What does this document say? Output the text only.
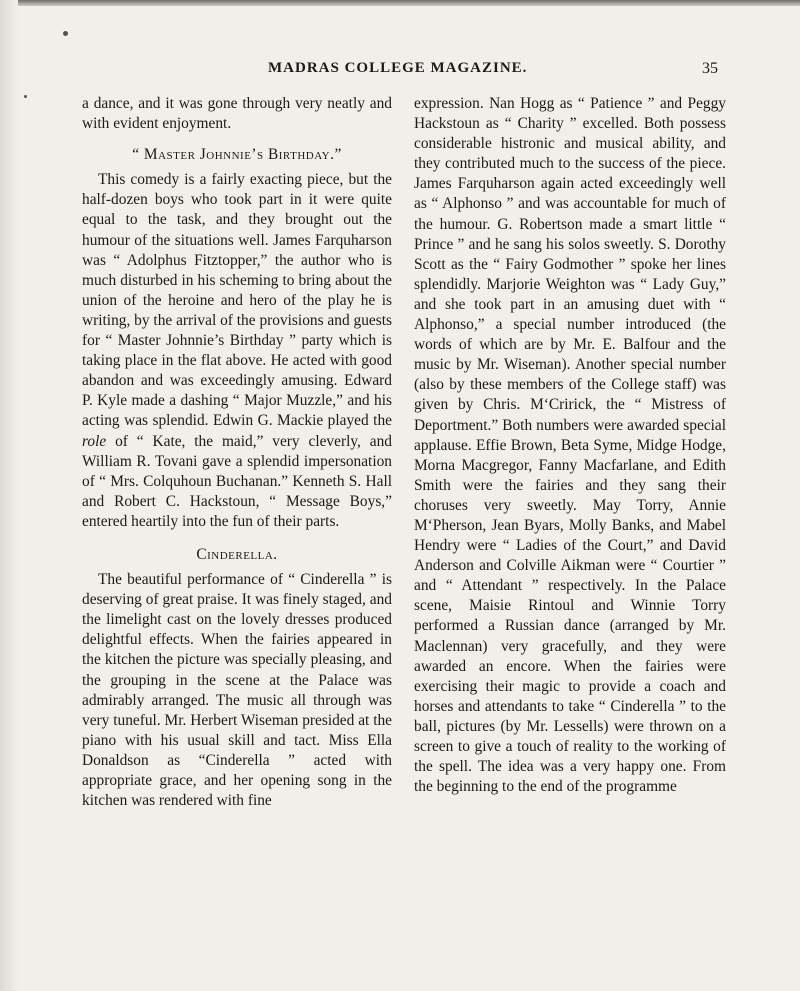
MADRAS COLLEGE MAGAZINE.	35

a dance, and it was gone through very neatly and with evident enjoyment.

“ Master Johnnie’s Birthday.”

This comedy is a fairly exacting piece, but the half-dozen boys who took part in it were quite equal to the task, and they brought out the humour of the situations well. James Farquharson was “ Adolphus Fitztopper,” the author who is much disturbed in his scheming to bring about the union of the heroine and hero of the play he is writing, by the arrival of the provisions and guests for “ Master Johnnie’s Birthday ” party which is taking place in the flat above. He acted with good abandon and was exceedingly amusing. Edward P. Kyle made a dashing “ Major Muzzle,” and his acting was splendid. Edwin G. Mackie played the role of “ Kate, the maid,” very cleverly, and William R. Tovani gave a splendid impersonation of “ Mrs. Colquhoun Buchanan.” Kenneth S. Hall and Robert C. Hackstoun, “ Message Boys,” entered heartily into the fun of their parts.

Cinderella.

The beautiful performance of “ Cinderella ” is deserving of great praise. It was finely staged, and the limelight cast on the lovely dresses produced delightful effects. When the fairies appeared in the kitchen the picture was specially pleasing, and the grouping in the scene at the Palace was admirably arranged. The music all through was very tuneful. Mr. Herbert Wiseman presided at the piano with his usual skill and tact. Miss Ella Donaldson as “Cinderella ” acted with appropriate grace, and her opening song in the kitchen was rendered with fine

expression. Nan Hogg as “ Patience ” and Peggy Hackstoun as “ Charity ” excelled. Both possess considerable histronic and musical ability, and they contributed much to the success of the piece. James Farquharson again acted exceedingly well as “ Alphonso ” and was accountable for much of the humour. G. Robertson made a smart little “ Prince ” and he sang his solos sweetly. S. Dorothy Scott as the “ Fairy Godmother ” spoke her lines splendidly. Marjorie Weighton was “ Lady Guy,” and she took part in an amusing duet with “ Alphonso,” a special number introduced (the words of which are by Mr. E. Balfour and the music by Mr. Wiseman). Another special number (also by these members of the College staff) was given by Chris. M‘Cririck, the “ Mistress of Deportment.” Both numbers were awarded special applause. Effie Brown, Beta Syme, Midge Hodge, Morna Macgregor, Fanny Macfarlane, and Edith Smith were the fairies and they sang their choruses very sweetly. May Torry, Annie M‘Pherson, Jean Byars, Molly Banks, and Mabel Hendry were “ Ladies of the Court,” and David Anderson and Colville Aikman were “ Courtier ” and “ Attendant ” respectively. In the Palace scene, Maisie Rintoul and Winnie Torry performed a Russian dance (arranged by Mr. Maclennan) very gracefully, and they were awarded an encore. When the fairies were exercising their magic to provide a coach and horses and attendants to take “ Cinderella ” to the ball, pictures (by Mr. Lessells) were thrown on a screen to give a touch of reality to the working of the spell. The idea was a very happy one. From the beginning to the end of the programme
